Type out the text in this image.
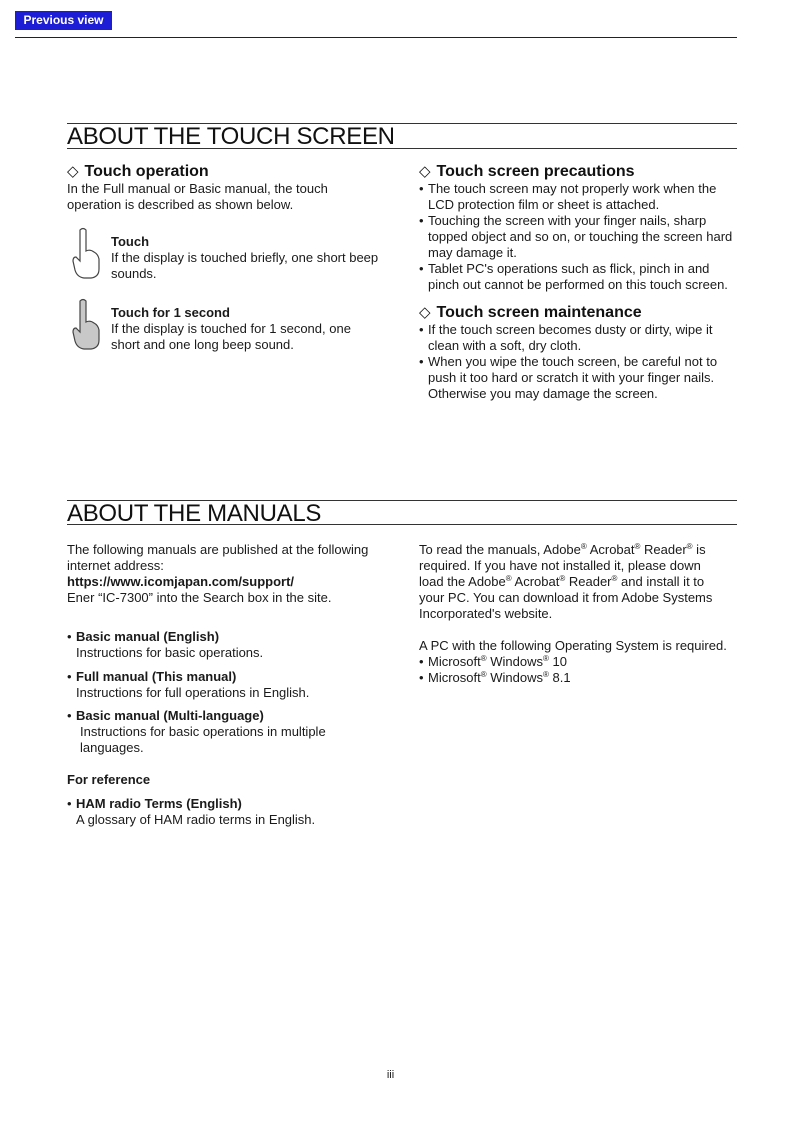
Previous view
ABOUT THE TOUCH SCREEN
◇ Touch operation
In the Full manual or Basic manual, the touch operation is described as shown below.
Touch
If the display is touched briefly, one short beep sounds.
Touch for 1 second
If the display is touched for 1 second, one short and one long beep sound.
◇ Touch screen precautions
• The touch screen may not properly work when the LCD protection film or sheet is attached.
• Touching the screen with your finger nails, sharp topped object and so on, or touching the screen hard may damage it.
• Tablet PC's operations such as flick, pinch in and pinch out cannot be performed on this touch screen.
◇ Touch screen maintenance
• If the touch screen becomes dusty or dirty, wipe it clean with a soft, dry cloth.
• When you wipe the touch screen, be careful not to push it too hard or scratch it with your finger nails. Otherwise you may damage the screen.
ABOUT THE MANUALS
The following manuals are published at the following internet address:
https://www.icomjapan.com/support/
Ener “IC-7300” into the Search box in the site.
• Basic manual (English)
Instructions for basic operations.
• Full manual (This manual)
Instructions for full operations in English.
• Basic manual (Multi-language)
Instructions for basic operations in multiple languages.
For reference
• HAM radio Terms (English)
A glossary of HAM radio terms in English.
To read the manuals, Adobe® Acrobat® Reader® is required. If you have not installed it, please down load the Adobe® Acrobat® Reader® and install it to your PC. You can download it from Adobe Systems Incorporated's website.
A PC with the following Operating System is required.
• Microsoft® Windows® 10
• Microsoft® Windows® 8.1
iii
